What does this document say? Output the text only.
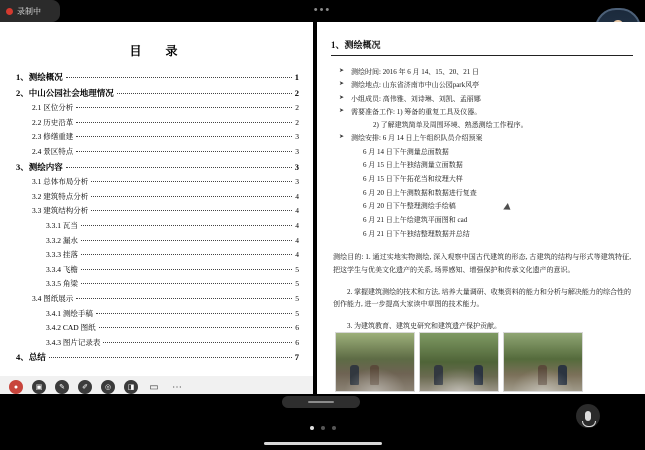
录制中	•••
目　录
1、测绘概况	1
2、中山公园社会地理情况	2
2.1 区位分析	2
2.2 历史沿革	2
2.3 修缮重建	3
2.4 景区特点	3
3、测绘内容	3
3.1 总体布局分析	3
3.2 建筑特点分析	4
3.3 建筑结构分析	4
3.3.1 瓦当	4
3.3.2 漏水	4
3.3.3 挂落	4
3.3.4 飞檐	5
3.3.5 角梁	5
3.4 图纸展示	5
3.4.1 测绘手稿	5
3.4.2 CAD 图纸	6
3.4.3 图片记录表	6
4、总结	7
1、测绘概况
➤ 测绘时间: 2016 年 6 月 14、15、20、21 日
➤ 测绘地点: 山东省济南市中山公园park风亭
➤ 小组成员: 高伟雅、刘诗琳、刘凯、孟丽娜
➤ 需要准备工作: 1) 筹备的重复工具及仪器。
2) 了解建筑简单及周围环境、熟悉测绘工作程序。
➤ 测绘安排: 6 月 14 日上午组织队员介绍预案
6 月 14 日下午测量总面数据
6 月 15 日上午独结测量立面数据
6 月 15 日下午拓花当和纹理大样
6 月 20 日上午测数据和数据进行复查
6 月 20 日下午整理测绘手绘稿
6 月 21 日上午绘建筑平面图和 cad
6 月 21 日下午独结整理数据并总结
测绘目的: 1. 通过实地实物测绘, 深入观察中国古代建筑的形态, 古建筑的结构与形式等建筑特征, 把这学生与优美文化遗产的关系, 场界感知、增强保护和传承文化遗产的意识。
2. 掌握建筑测绘的技术和方法, 培养大量调研、收集资料的能力和分析与解决能力的综合性的创作能力, 进一步提高大家读中草图的技术能力。
3. 为建筑教育、建筑史研究和建筑遗产保护贡献。
●	▣	✎	✐	◎	◨	▭ ⋯
